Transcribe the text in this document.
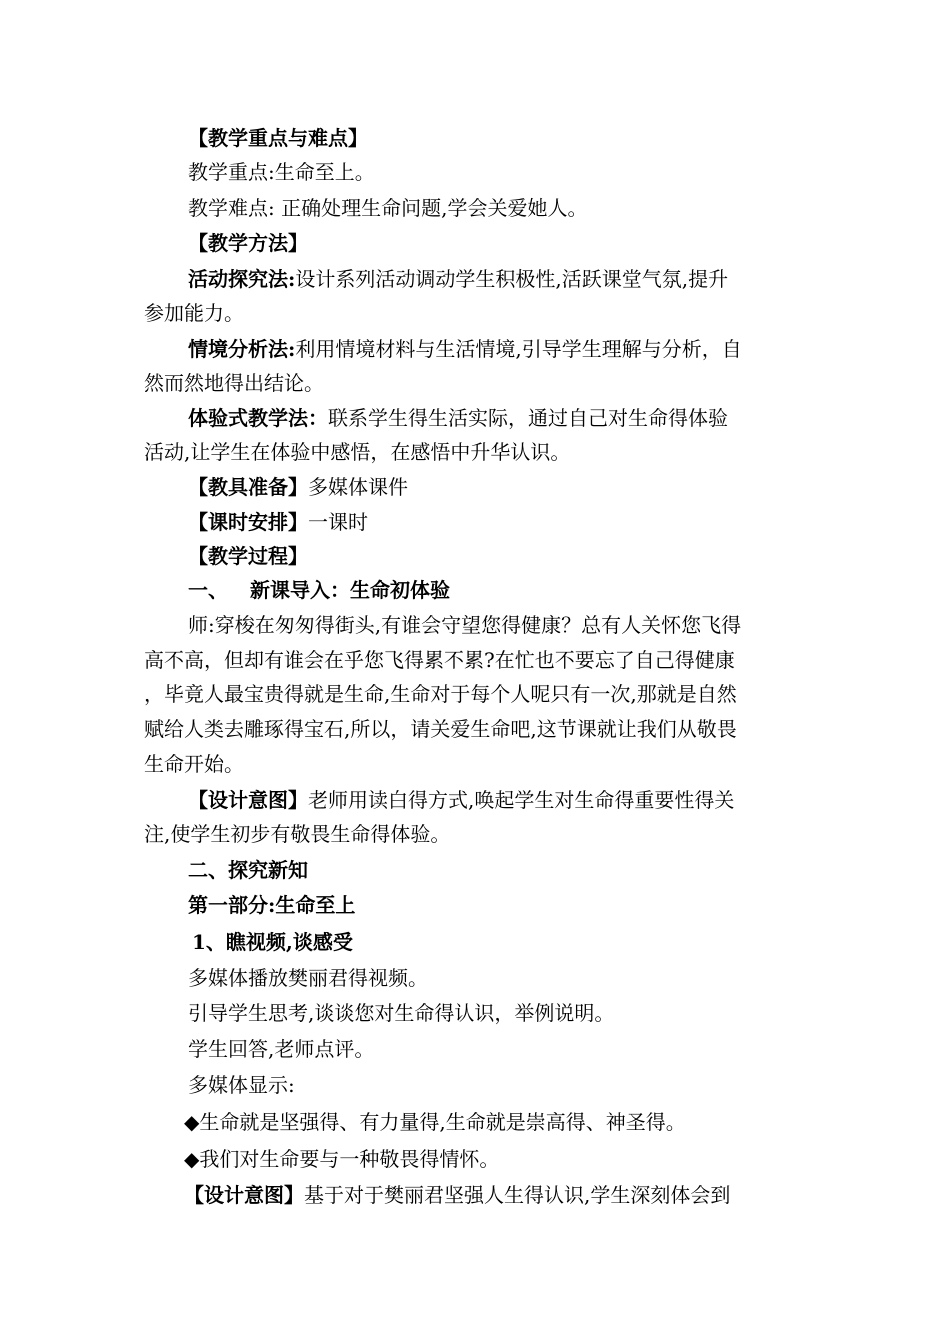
【教学重点与难点】
教学重点:生命至上。
教学难点: 正确处理生命问题,学会关爱她人。
【教学方法】
活动探究法:设计系列活动调动学生积极性,活跃课堂气氛,提升
参加能力。
情境分析法:利用情境材料与生活情境,引导学生理解与分析，自
然而然地得出结论。
体验式教学法：联系学生得生活实际，通过自己对生命得体验
活动,让学生在体验中感悟，在感悟中升华认识。
【教具准备】多媒体课件
【课时安排】一课时
【教学过程】
一、 新课导入：生命初体验
师:穿梭在匆匆得街头,有谁会守望您得健康？总有人关怀您飞得
高不高，但却有谁会在乎您飞得累不累?在忙也不要忘了自己得健康
，毕竟人最宝贵得就是生命,生命对于每个人呢只有一次,那就是自然
赋给人类去雕琢得宝石,所以，请关爱生命吧,这节课就让我们从敬畏
生命开始。
【设计意图】老师用读白得方式,唤起学生对生命得重要性得关
注,使学生初步有敬畏生命得体验。
二、探究新知
第一部分:生命至上
1、瞧视频,谈感受
多媒体播放樊丽君得视频。
引导学生思考,谈谈您对生命得认识，举例说明。
学生回答,老师点评。
多媒体显示:
◆生命就是坚强得、有力量得,生命就是崇高得、神圣得。
◆我们对生命要与一种敬畏得情怀。
【设计意图】基于对于樊丽君坚强人生得认识,学生深刻体会到
